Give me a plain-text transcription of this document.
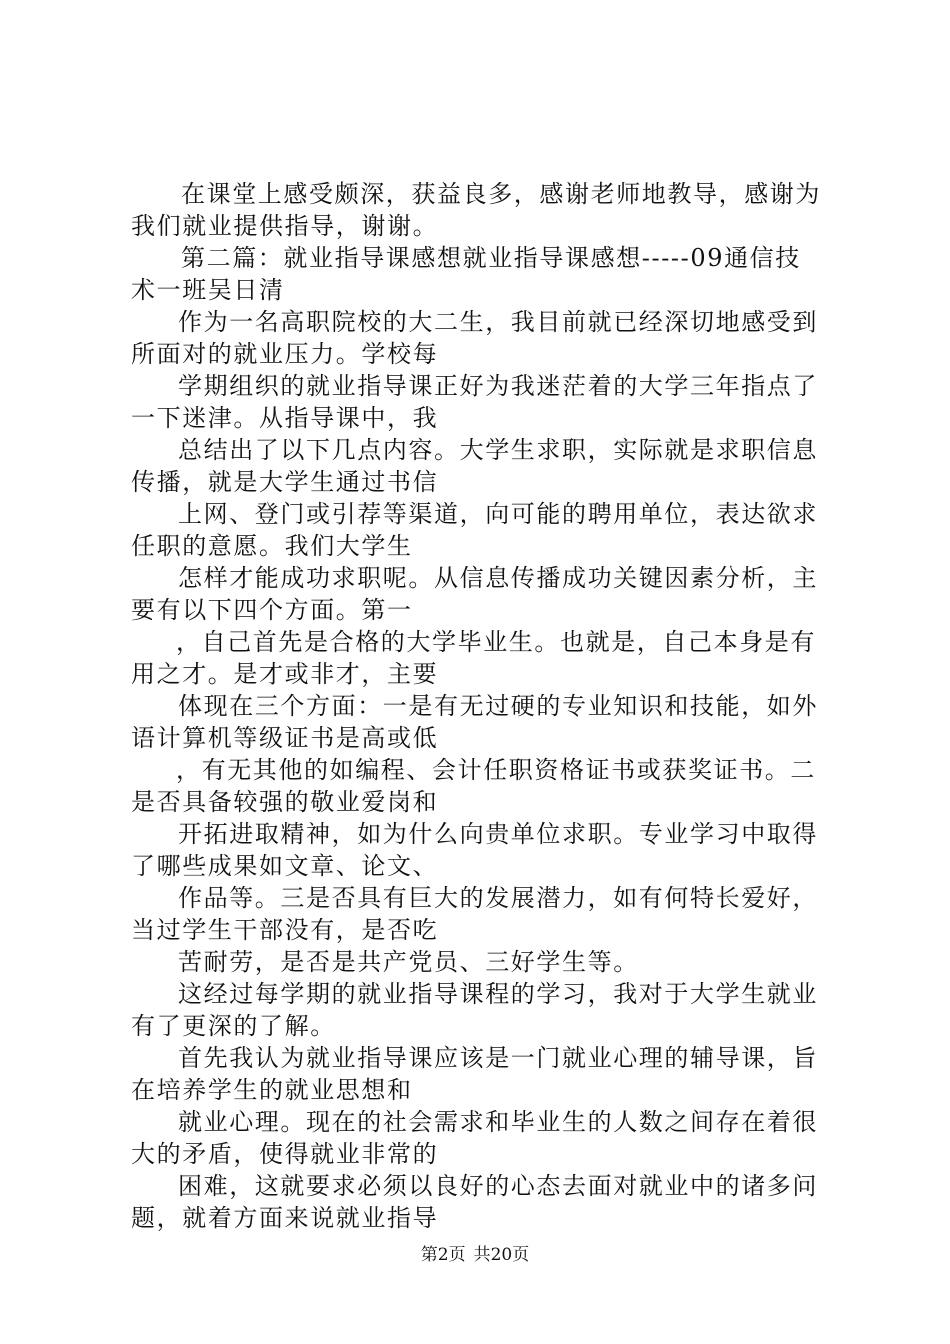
在课堂上感受颇深，获益良多，感谢老师地教导，感谢为
我们就业提供指导，谢谢。
第二篇：就业指导课感想就业指导课感想-----09通信技
术一班吴日清
作为一名高职院校的大二生，我目前就已经深切地感受到
所面对的就业压力。学校每
学期组织的就业指导课正好为我迷茫着的大学三年指点了
一下迷津。从指导课中，我
总结出了以下几点内容。大学生求职，实际就是求职信息
传播，就是大学生通过书信
上网、登门或引荐等渠道，向可能的聘用单位，表达欲求
任职的意愿。我们大学生
怎样才能成功求职呢。从信息传播成功关键因素分析，主
要有以下四个方面。第一
，自己首先是合格的大学毕业生。也就是，自己本身是有
用之才。是才或非才，主要
体现在三个方面：一是有无过硬的专业知识和技能，如外
语计算机等级证书是高或低
，有无其他的如编程、会计任职资格证书或获奖证书。二
是否具备较强的敬业爱岗和
开拓进取精神，如为什么向贵单位求职。专业学习中取得
了哪些成果如文章、论文、
作品等。三是否具有巨大的发展潜力，如有何特长爱好，
当过学生干部没有，是否吃
苦耐劳，是否是共产党员、三好学生等。
这经过每学期的就业指导课程的学习，我对于大学生就业
有了更深的了解。
首先我认为就业指导课应该是一门就业心理的辅导课，旨
在培养学生的就业思想和
就业心理。现在的社会需求和毕业生的人数之间存在着很
大的矛盾，使得就业非常的
困难，这就要求必须以良好的心态去面对就业中的诸多问
题，就着方面来说就业指导
第2页 共20页
